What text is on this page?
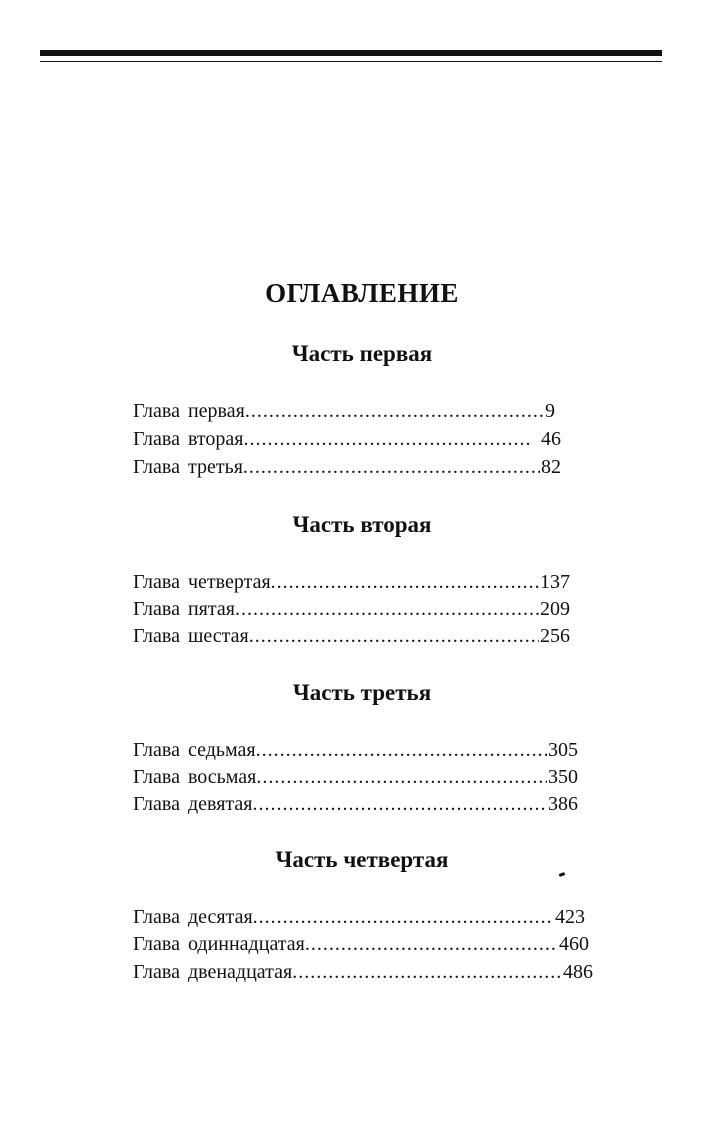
ОГЛАВЛЕНИЕ
Часть первая
Глава первая .....	9
Глава вторая .....	46
Глава третья .....	82
Часть вторая
Глава четвертая .....	137
Глава пятая .....	209
Глава шестая .....	256
Часть третья
Глава седьмая .....	305
Глава восьмая .....	350
Глава девятая .....	386
Часть четвертая
Глава десятая .....	423
Глава одиннадцатая .....	460
Глава двенадцатая .....	486
